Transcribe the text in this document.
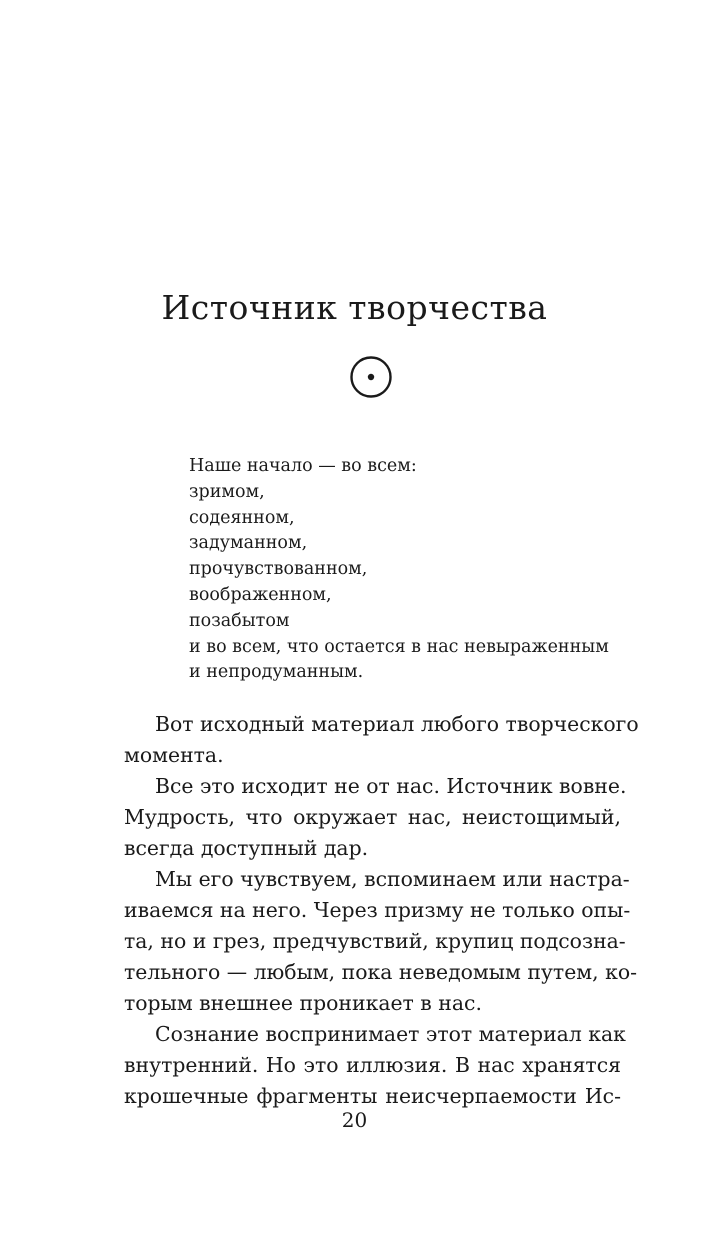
Источник творчества
Наше начало — во всем:
зримом,
содеянном,
задуманном,
прочувствованном,
воображенном,
позабытом
и во всем, что остается в нас невыраженным
и непродуманным.
Вот исходный материал любого творческого
момента.
Все это исходит не от нас. Источник вовне.
Мудрость, что окружает нас, неистощимый,
всегда доступный дар.
Мы его чувствуем, вспоминаем или настра-
иваемся на него. Через призму не только опы-
та, но и грез, предчувствий, крупиц подсозна-
тельного — любым, пока неведомым путем, ко-
торым внешнее проникает в нас.
Сознание воспринимает этот материал как
внутренний. Но это иллюзия. В нас хранятся
крошечные фрагменты неисчерпаемости Ис-
20
